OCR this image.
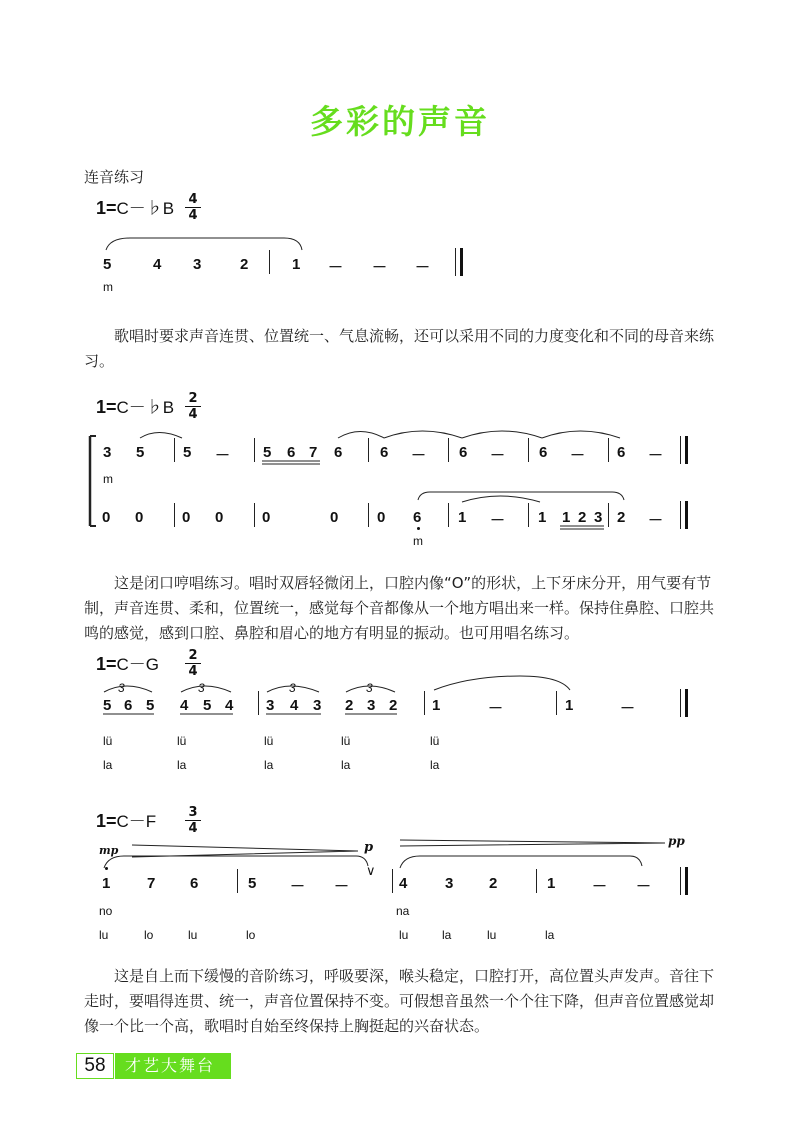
多彩的声音
连音练习
1=C－♭B 4
4
5	4 3	2	1 － － －
m
歌唱时要求声音连贯、位置统一、气息流畅，还可以采用不同的力度变化和不同的母音来练习。
1=C－♭B 2
4
3 5	5 － 5 6 7 6	6 － 6 － 6 － 6 －
m
0 0	0 0	0	0	0 6 1 － 1 1 2 3 2 －
m
这是闭口哼唱练习。唱时双唇轻微闭上，口腔内像“O”的形状，上下牙床分开，用气要有节制，声音连贯、柔和，位置统一，感觉每个音都像从一个地方唱出来一样。保持住鼻腔、口腔共鸣的感觉，感到口腔、鼻腔和眉心的地方有明显的振动。也可用唱名练习。
1=C－G 2
4
3	3	3	3
5 6 5 4 5 4 3 4 3 2 3 2 1	－	1	－
lü	lü	lü	lü	lü
la	la	la	la	la
1=C－F 3
4
mp	p	pp
1 7 6	5 － －
∨
4	3 2	1 － －
no	na
lu	lo	lu	lo	lu	la	lu	la
这是自上而下缓慢的音阶练习，呼吸要深，喉头稳定，口腔打开，高位置头声发声。音往下走时，要唱得连贯、统一，声音位置保持不变。可假想音虽然一个个往下降，但声音位置感觉却像一个比一个高，歌唱时自始至终保持上胸挺起的兴奋状态。
58	才艺大舞台
